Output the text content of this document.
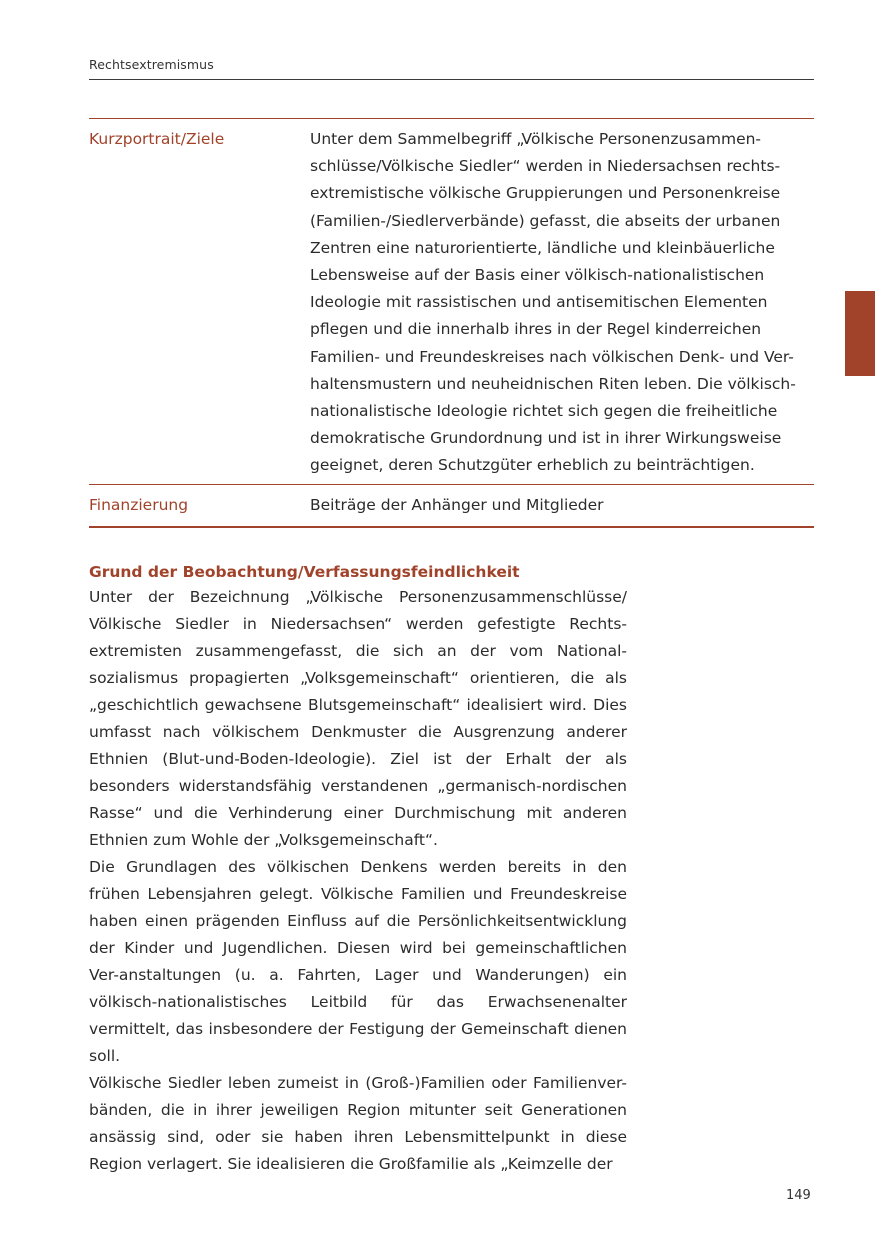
Rechtsextremismus
Kurzportrait/Ziele	Unter dem Sammelbegriff „Völkische Personenzusammen-schlüsse/Völkische Siedler“ werden in Niedersachsen rechts-extremistische völkische Gruppierungen und Personenkreise (Familien-/Siedlerverbände) gefasst, die abseits der urbanen Zentren eine naturorientierte, ländliche und kleinbäuerliche Lebensweise auf der Basis einer völkisch-nationalistischen Ideologie mit rassistischen und antisemitischen Elementen pflegen und die innerhalb ihres in der Regel kinderreichen Familien- und Freundeskreises nach völkischen Denk- und Ver-haltensmustern und neuheidnischen Riten leben. Die völkisch-nationalistische Ideologie richtet sich gegen die freiheitliche demokratische Grundordnung und ist in ihrer Wirkungsweise geeignet, deren Schutzgüter erheblich zu beinträchtigen.
Finanzierung	Beiträge der Anhänger und Mitglieder
Grund der Beobachtung/Verfassungsfeindlichkeit

Unter der Bezeichnung „Völkische Personenzusammenschlüsse/ Völkische Siedler in Niedersachsen“ werden gefestigte Rechts-extremisten zusammengefasst, die sich an der vom National-sozialismus propagierten „Volksgemeinschaft“ orientieren, die als „geschichtlich gewachsene Blutsgemeinschaft“ idealisiert wird. Dies umfasst nach völkischem Denkmuster die Ausgrenzung anderer Ethnien (Blut-und-Boden-Ideologie). Ziel ist der Erhalt der als besonders widerstandsfähig verstandenen „germanisch-nordischen Rasse“ und die Verhinderung einer Durchmischung mit anderen Ethnien zum Wohle der „Volksgemeinschaft“.

Die Grundlagen des völkischen Denkens werden bereits in den frühen Lebensjahren gelegt. Völkische Familien und Freundeskreise haben einen prägenden Einfluss auf die Persönlichkeitsentwicklung der Kinder und Jugendlichen. Diesen wird bei gemeinschaftlichen Ver-anstaltungen (u. a. Fahrten, Lager und Wanderungen) ein völkisch-nationalistisches Leitbild für das Erwachsenenalter vermittelt, das insbesondere der Festigung der Gemeinschaft dienen soll.

Völkische Siedler leben zumeist in (Groß-)Familien oder Familienver-bänden, die in ihrer jeweiligen Region mitunter seit Generationen ansässig sind, oder sie haben ihren Lebensmittelpunkt in diese Region verlagert. Sie idealisieren die Großfamilie als „Keimzelle der

149
